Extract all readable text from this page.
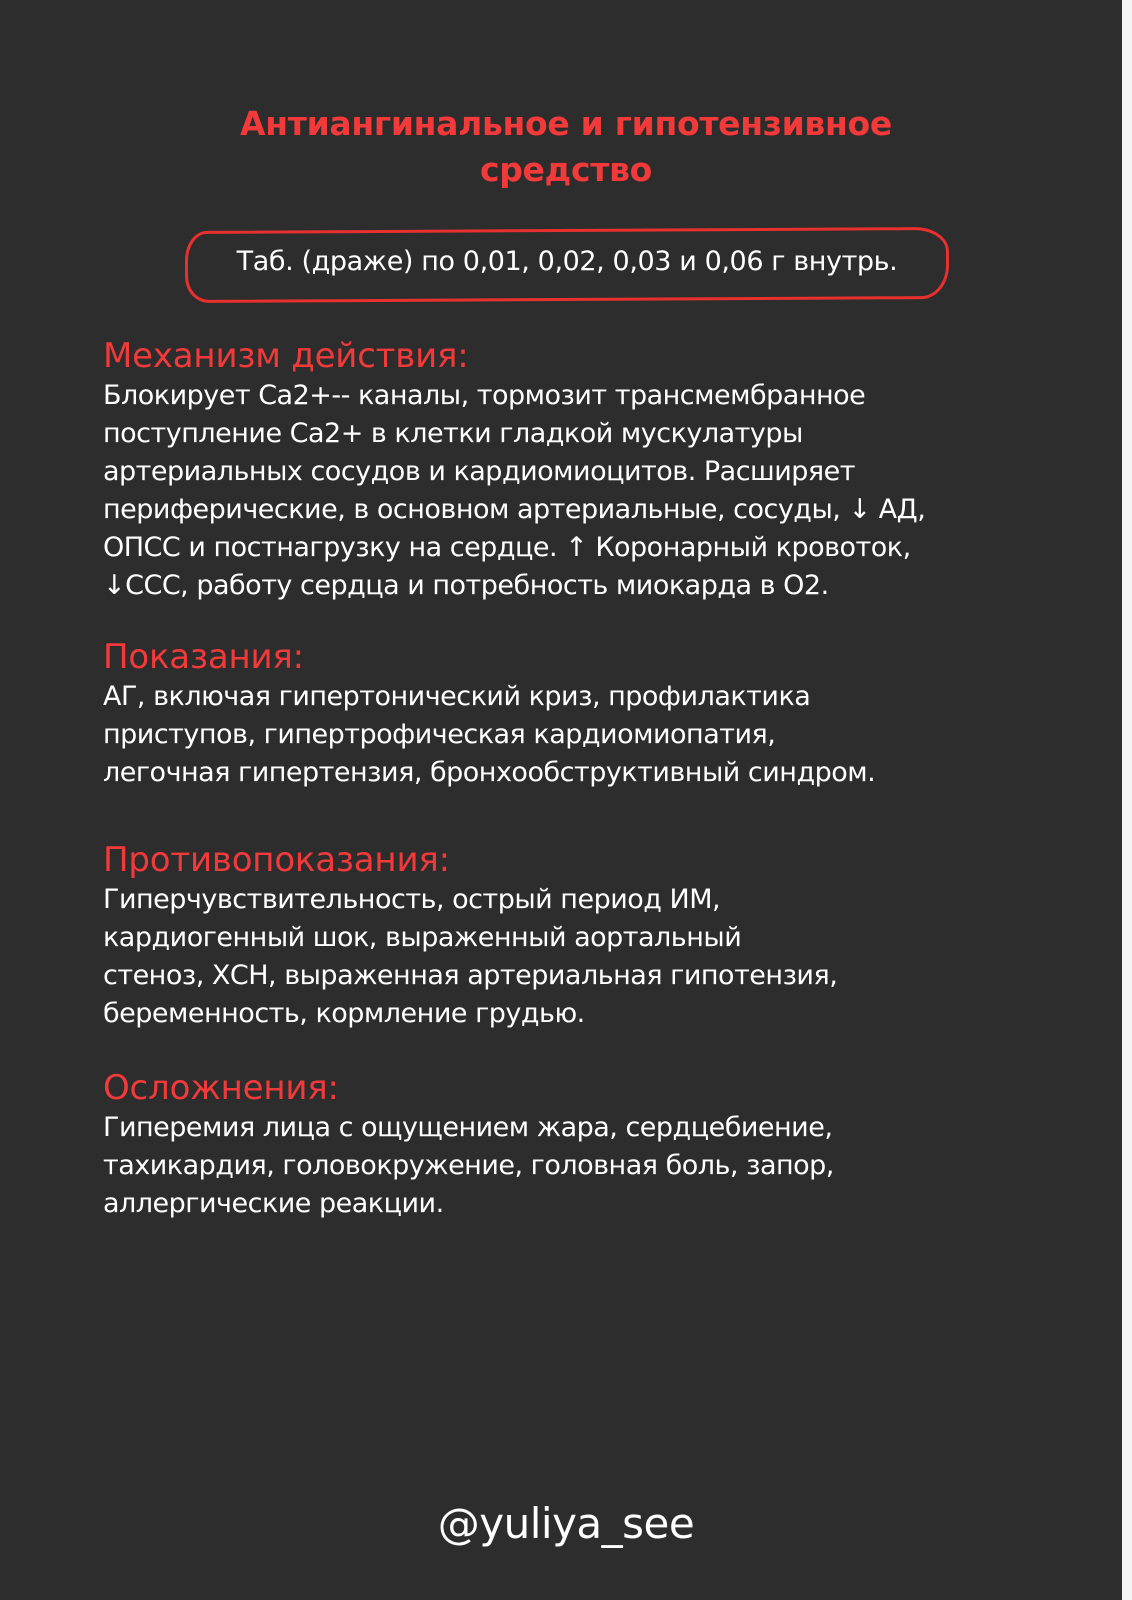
Антиангинальное и гипотензивное
средство
Таб. (драже) по 0,01, 0,02, 0,03 и 0,06 г внутрь.
Механизм действия:
Блокирует Ca2+-- каналы, тормозит трансмембранное
поступление Ca2+ в клетки гладкой мускулатуры
артериальных сосудов и кардиомиоцитов. Расширяет
периферические, в основном артериальные, сосуды, ↓ АД,
ОПСС и постнагрузку на сердце. ↑ Коронарный кровоток,
↓ССС, работу сердца и потребность миокарда в О2.
Показания:
АГ, включая гипертонический криз, профилактика
приступов, гипертрофическая кардиомиопатия,
легочная гипертензия, бронхообструктивный синдром.
Противопоказания:
Гиперчувствительность, острый период ИМ,
кардиогенный шок, выраженный аортальный
стеноз, ХСН, выраженная артериальная гипотензия,
беременность, кормление грудью.
Осложнения:
Гиперемия лица с ощущением жара, сердцебиение,
тахикардия, головокружение, головная боль, запор,
аллергические реакции.
@yuliya_see
